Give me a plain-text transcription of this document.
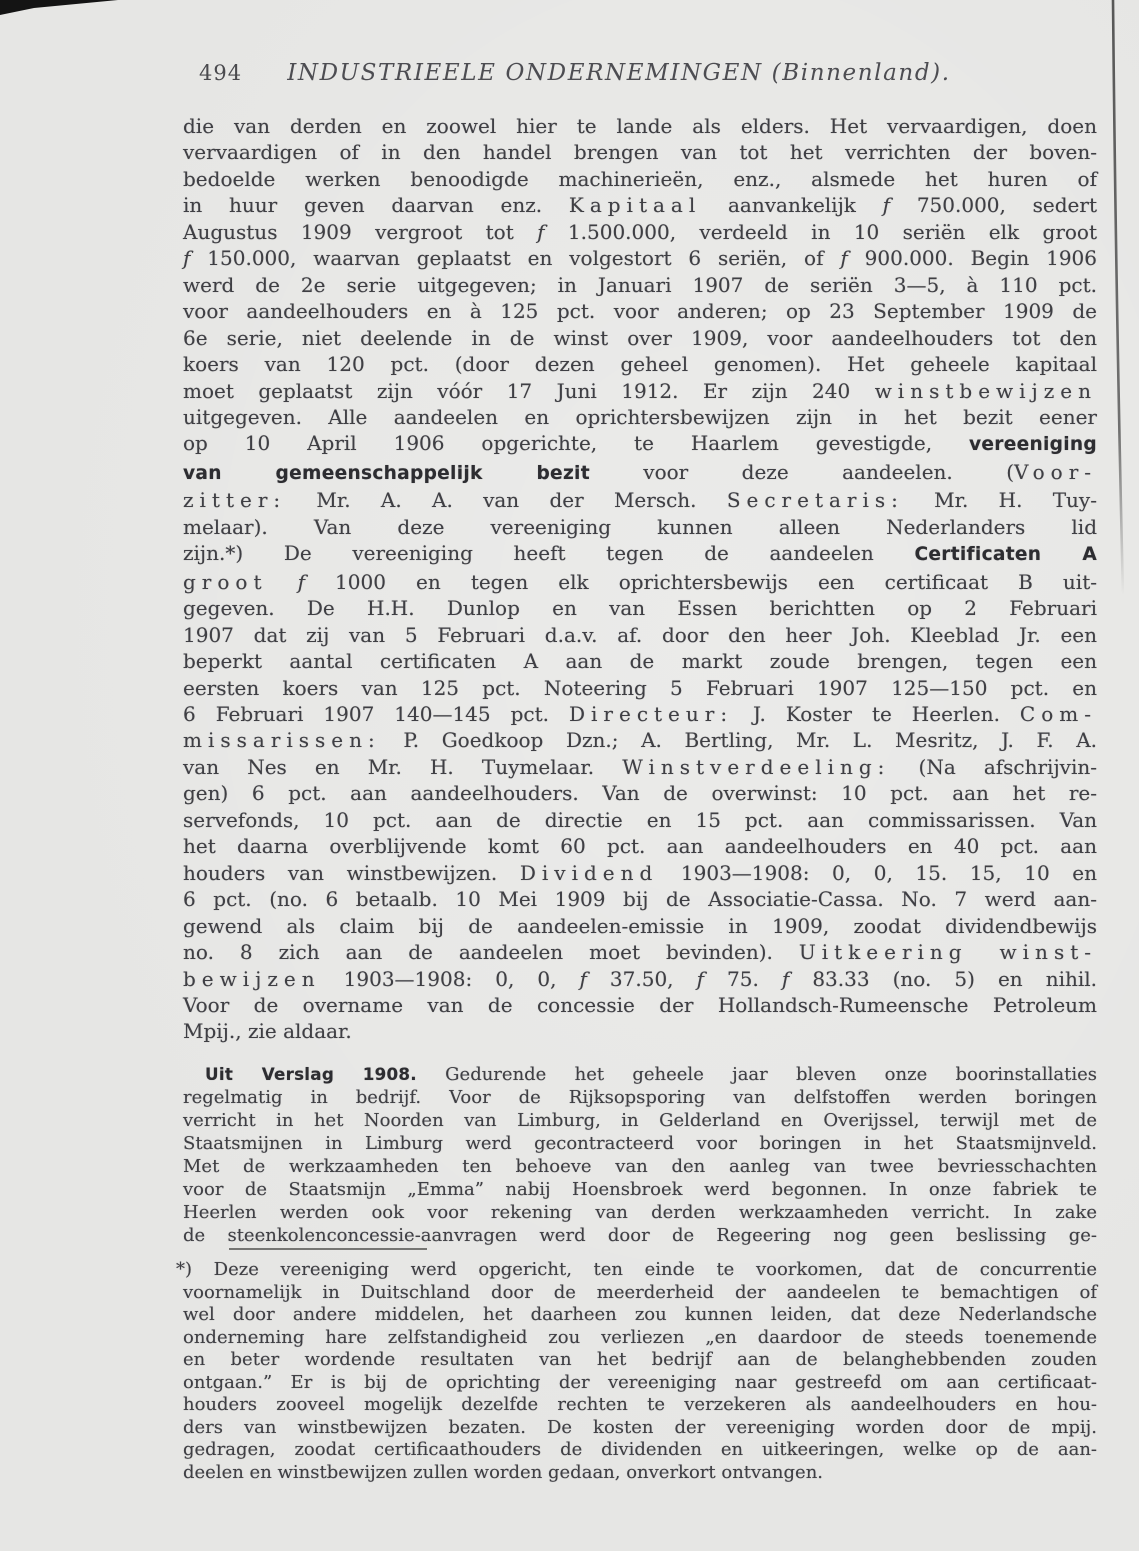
494 INDUSTRIEELE ONDERNEMINGEN (Binnenland).
die van derden en zoowel hier te lande als elders. Het vervaardigen, doen
vervaardigen of in den handel brengen van tot het verrichten der boven-
bedoelde werken benoodigde machinerieën, enz., alsmede het huren of
in huur geven daarvan enz. Kapitaal aanvankelijk f 750.000, sedert
Augustus 1909 vergroot tot f 1.500.000, verdeeld in 10 seriën elk groot
f 150.000, waarvan geplaatst en volgestort 6 seriën, of f 900.000. Begin 1906
werd de 2e serie uitgegeven; in Januari 1907 de seriën 3—5, à 110 pct.
voor aandeelhouders en à 125 pct. voor anderen; op 23 September 1909 de
6e serie, niet deelende in de winst over 1909, voor aandeelhouders tot den
koers van 120 pct. (door dezen geheel genomen). Het geheele kapitaal
moet geplaatst zijn vóór 17 Juni 1912. Er zijn 240 winstbewijzen
uitgegeven. Alle aandeelen en oprichtersbewijzen zijn in het bezit eener
op 10 April 1906 opgerichte, te Haarlem gevestigde, vereeniging
van gemeenschappelijk bezit voor deze aandeelen. (Voor-
zitter: Mr. A. A. van der Mersch. Secretaris: Mr. H. Tuy-
melaar). Van deze vereeniging kunnen alleen Nederlanders lid
zijn.*) De vereeniging heeft tegen de aandeelen Certificaten A
groot f 1000 en tegen elk oprichtersbewijs een certificaat B uit-
gegeven. De H.H. Dunlop en van Essen berichtten op 2 Februari
1907 dat zij van 5 Februari d.a.v. af. door den heer Joh. Kleeblad Jr. een
beperkt aantal certificaten A aan de markt zoude brengen, tegen een
eersten koers van 125 pct. Noteering 5 Februari 1907 125—150 pct. en
6 Februari 1907 140—145 pct. Directeur: J. Koster te Heerlen. Com-
missarissen: P. Goedkoop Dzn.; A. Bertling, Mr. L. Mesritz, J. F. A.
van Nes en Mr. H. Tuymelaar. Winstverdeeling: (Na afschrijvin-
gen) 6 pct. aan aandeelhouders. Van de overwinst: 10 pct. aan het re-
servefonds, 10 pct. aan de directie en 15 pct. aan commissarissen. Van
het daarna overblijvende komt 60 pct. aan aandeelhouders en 40 pct. aan
houders van winstbewijzen. Dividend 1903—1908: 0, 0, 15. 15, 10 en
6 pct. (no. 6 betaalb. 10 Mei 1909 bij de Associatie-Cassa. No. 7 werd aan-
gewend als claim bij de aandeelen-emissie in 1909, zoodat dividendbewijs
no. 8 zich aan de aandeelen moet bevinden). Uitkeering winst-
bewijzen 1903—1908: 0, 0, f 37.50, f 75. f 83.33 (no. 5) en nihil.
Voor de overname van de concessie der Hollandsch-Rumeensche Petroleum
Mpij., zie aldaar.
Uit Verslag 1908. Gedurende het geheele jaar bleven onze boorinstallaties
regelmatig in bedrijf. Voor de Rijksopsporing van delfstoffen werden boringen
verricht in het Noorden van Limburg, in Gelderland en Overijssel, terwijl met de
Staatsmijnen in Limburg werd gecontracteerd voor boringen in het Staatsmijnveld.
Met de werkzaamheden ten behoeve van den aanleg van twee bevriesschachten
voor de Staatsmijn „Emma” nabij Hoensbroek werd begonnen. In onze fabriek te
Heerlen werden ook voor rekening van derden werkzaamheden verricht. In zake
de steenkolenconcessie-aanvragen werd door de Regeering nog geen beslissing ge-
*) Deze vereeniging werd opgericht, ten einde te voorkomen, dat de concurrentie
voornamelijk in Duitschland door de meerderheid der aandeelen te bemachtigen of
wel door andere middelen, het daarheen zou kunnen leiden, dat deze Nederlandsche
onderneming hare zelfstandigheid zou verliezen „en daardoor de steeds toenemende
en beter wordende resultaten van het bedrijf aan de belanghebbenden zouden
ontgaan.” Er is bij de oprichting der vereeniging naar gestreefd om aan certificaat-
houders zooveel mogelijk dezelfde rechten te verzekeren als aandeelhouders en hou-
ders van winstbewijzen bezaten. De kosten der vereeniging worden door de mpij.
gedragen, zoodat certificaathouders de dividenden en uitkeeringen, welke op de aan-
deelen en winstbewijzen zullen worden gedaan, onverkort ontvangen.
